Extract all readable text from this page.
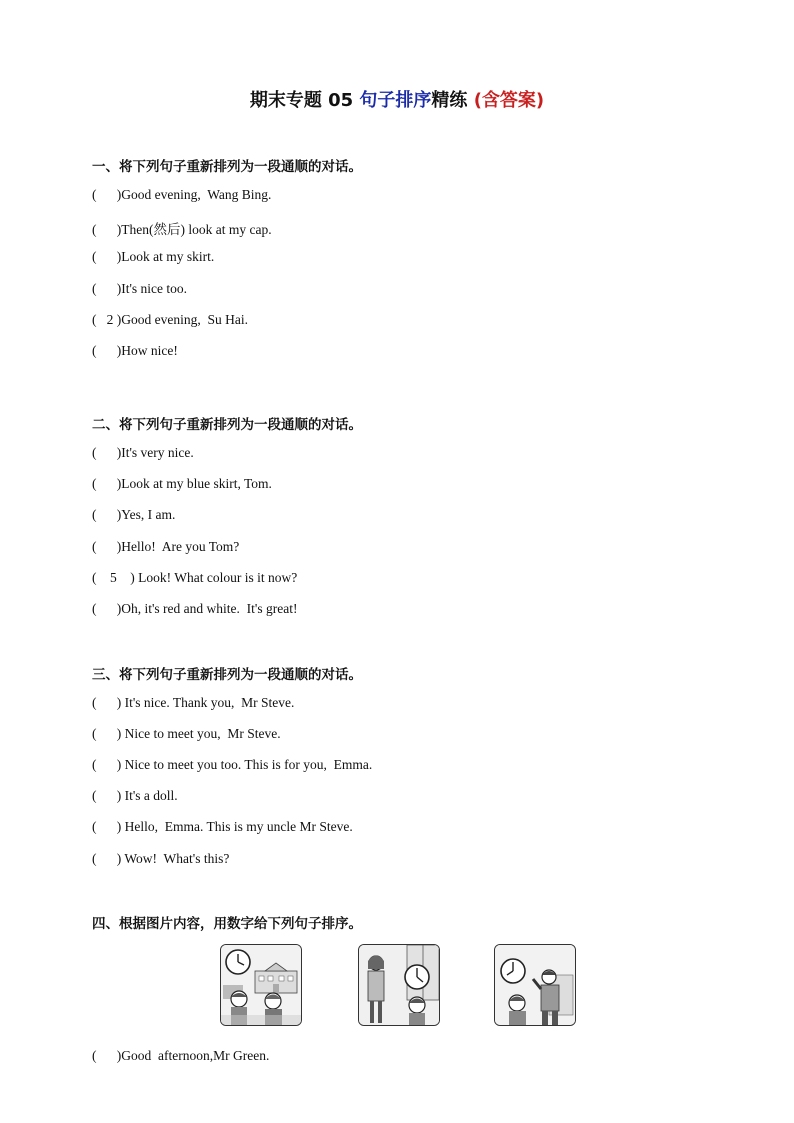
期末专题 05 句子排序精练 (含答案)
一、将下列句子重新排列为一段通顺的对话。
(      )Good evening,  Wang Bing.
(      )Then(然后) look at my cap.
(      )Look at my skirt.
(      )It's nice too.
(   2 )Good evening,  Su Hai.
(      )How nice!
二、将下列句子重新排列为一段通顺的对话。
(      )It's very nice.
(      )Look at my blue skirt, Tom.
(      )Yes, I am.
(      )Hello!  Are you Tom?
(    5    ) Look! What colour is it now?
(      )Oh, it's red and white.  It's great!
三、将下列句子重新排列为一段通顺的对话。
(      ) It's nice. Thank you,  Mr Steve.
(      ) Nice to meet you,  Mr Steve.
(      ) Nice to meet you too. This is for you,  Emma.
(      ) It's a doll.
(      ) Hello,  Emma. This is my uncle Mr Steve.
(      ) Wow!  What's this?
四、根据图片内容，用数字给下列句子排序。
(      )Good  afternoon,Mr Green.
